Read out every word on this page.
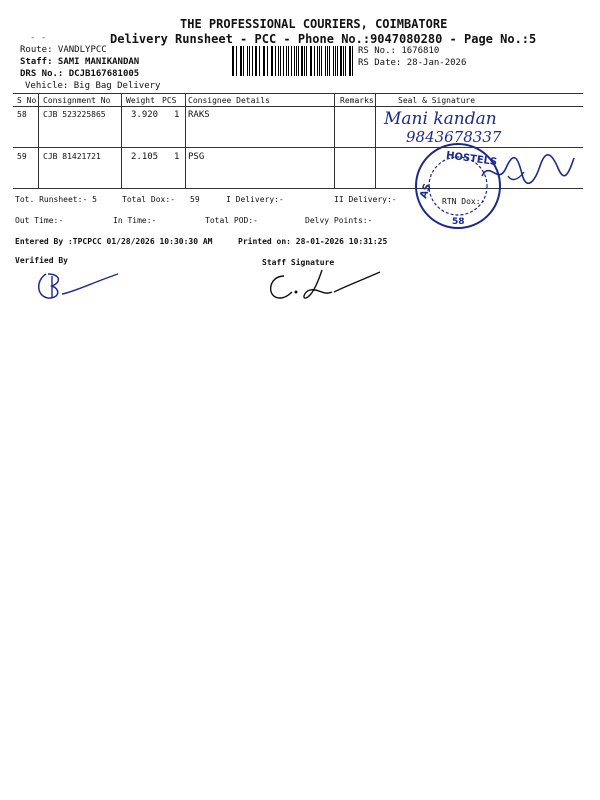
- -
THE PROFESSIONAL COURIERS, COIMBATORE
Delivery Runsheet - PCC - Phone No.:9047080280 - Page No.:5
Route: VANDLYPCC
Staff: SAMI MANIKANDAN
DRS No.: DCJB167681005
Vehicle: Big Bag Delivery
RS No.: 1676810
RS Date: 28-Jan-2026
S No Consignment No Weight PCS Consignee Details	Remarks	Seal & Signature
58 CJB 523225865	3.920 1 RAKS
59 CJB 81421721	2.105 1 PSG
Mani kandan
9843678337
HOSTELS
AS
58
Tot. Runsheet:- 5	Total Dox:- 59	I Delivery:-	II Delivery:-	RTN Dox:-
Out Time:-	In Time:-	Total POD:-	Delvy Points:-
Entered By :TPCPCC 01/28/2026 10:30:30 AM	Printed on: 28-01-2026 10:31:25
Verified By	Staff Signature
